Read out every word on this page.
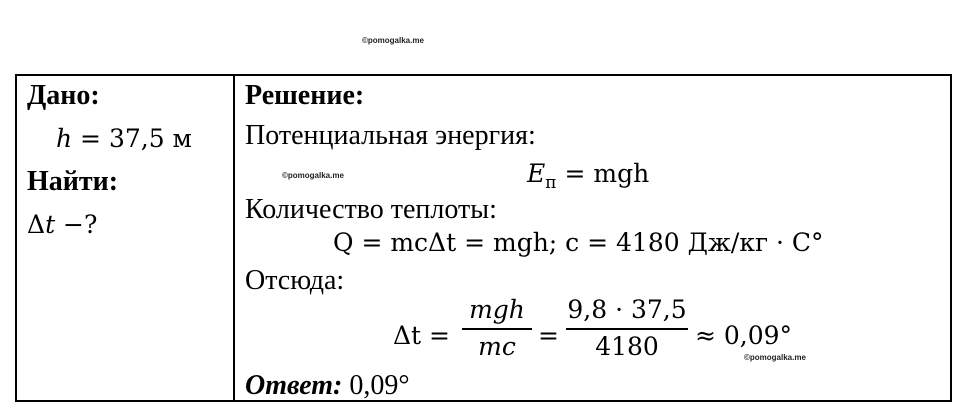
©pomogalka.me
©pomogalka.me
©pomogalka.me
Дано:
h = 37,5 м
Найти:
Δt −?
Решение:
Потенциальная энергия:
$E_п$ = mgh
Количество теплоты:
Q = mcΔt = mgh; c = 4180 Дж/кг · C°
Отсюда:
Δt =
mgh
mc =
9,8 · 37,5
4180 ≈ 0,09°
Ответ: 0,09°
